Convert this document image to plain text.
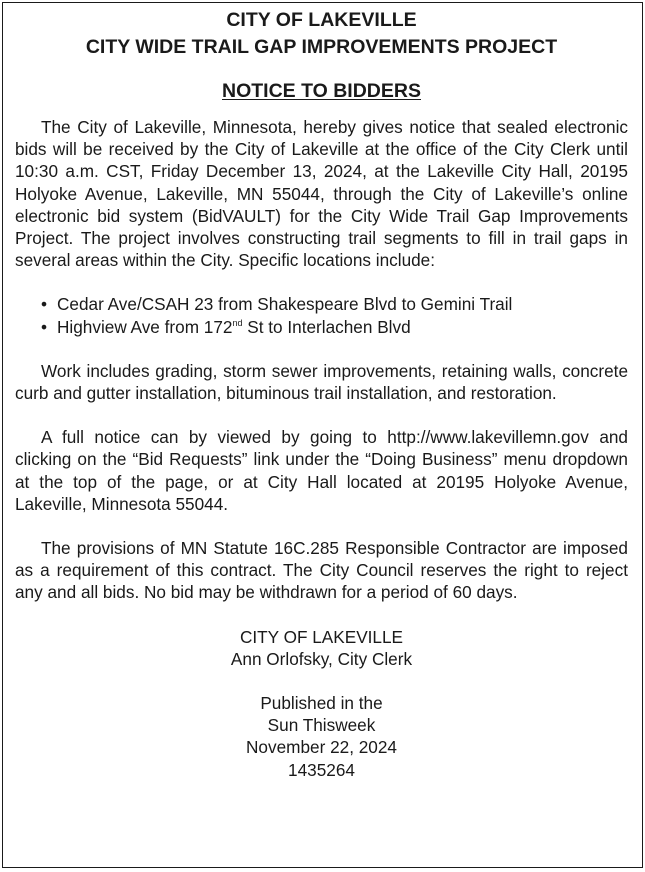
CITY OF LAKEVILLE
CITY WIDE TRAIL GAP IMPROVEMENTS PROJECT
NOTICE TO BIDDERS

The City of Lakeville, Minnesota, hereby gives notice that sealed electronic bids will be received by the City of Lakeville at the office of the City Clerk until 10:30 a.m. CST, Friday December 13, 2024, at the Lakeville City Hall, 20195 Holyoke Avenue, Lakeville, MN 55044, through the City of Lakeville’s online electronic bid system (BidVAULT) for the City Wide Trail Gap Improvements Project. The project involves constructing trail segments to fill in trail gaps in several areas within the City. Specific locations include:

• Cedar Ave/CSAH 23 from Shakespeare Blvd to Gemini Trail
• Highview Ave from 172nd St to Interlachen Blvd

Work includes grading, storm sewer improvements, retaining walls, concrete curb and gutter installation, bituminous trail installation, and restoration.

A full notice can by viewed by going to http://www.lakevillemn.gov and clicking on the “Bid Requests” link under the “Doing Business” menu dropdown at the top of the page, or at City Hall located at 20195 Holyoke Avenue, Lakeville, Minnesota 55044.

The provisions of MN Statute 16C.285 Responsible Contractor are imposed as a requirement of this contract. The City Council reserves the right to reject any and all bids. No bid may be withdrawn for a period of 60 days.

CITY OF LAKEVILLE

Ann Orlofsky, City Clerk

Published in the

Sun Thisweek

November 22, 2024

1435264
